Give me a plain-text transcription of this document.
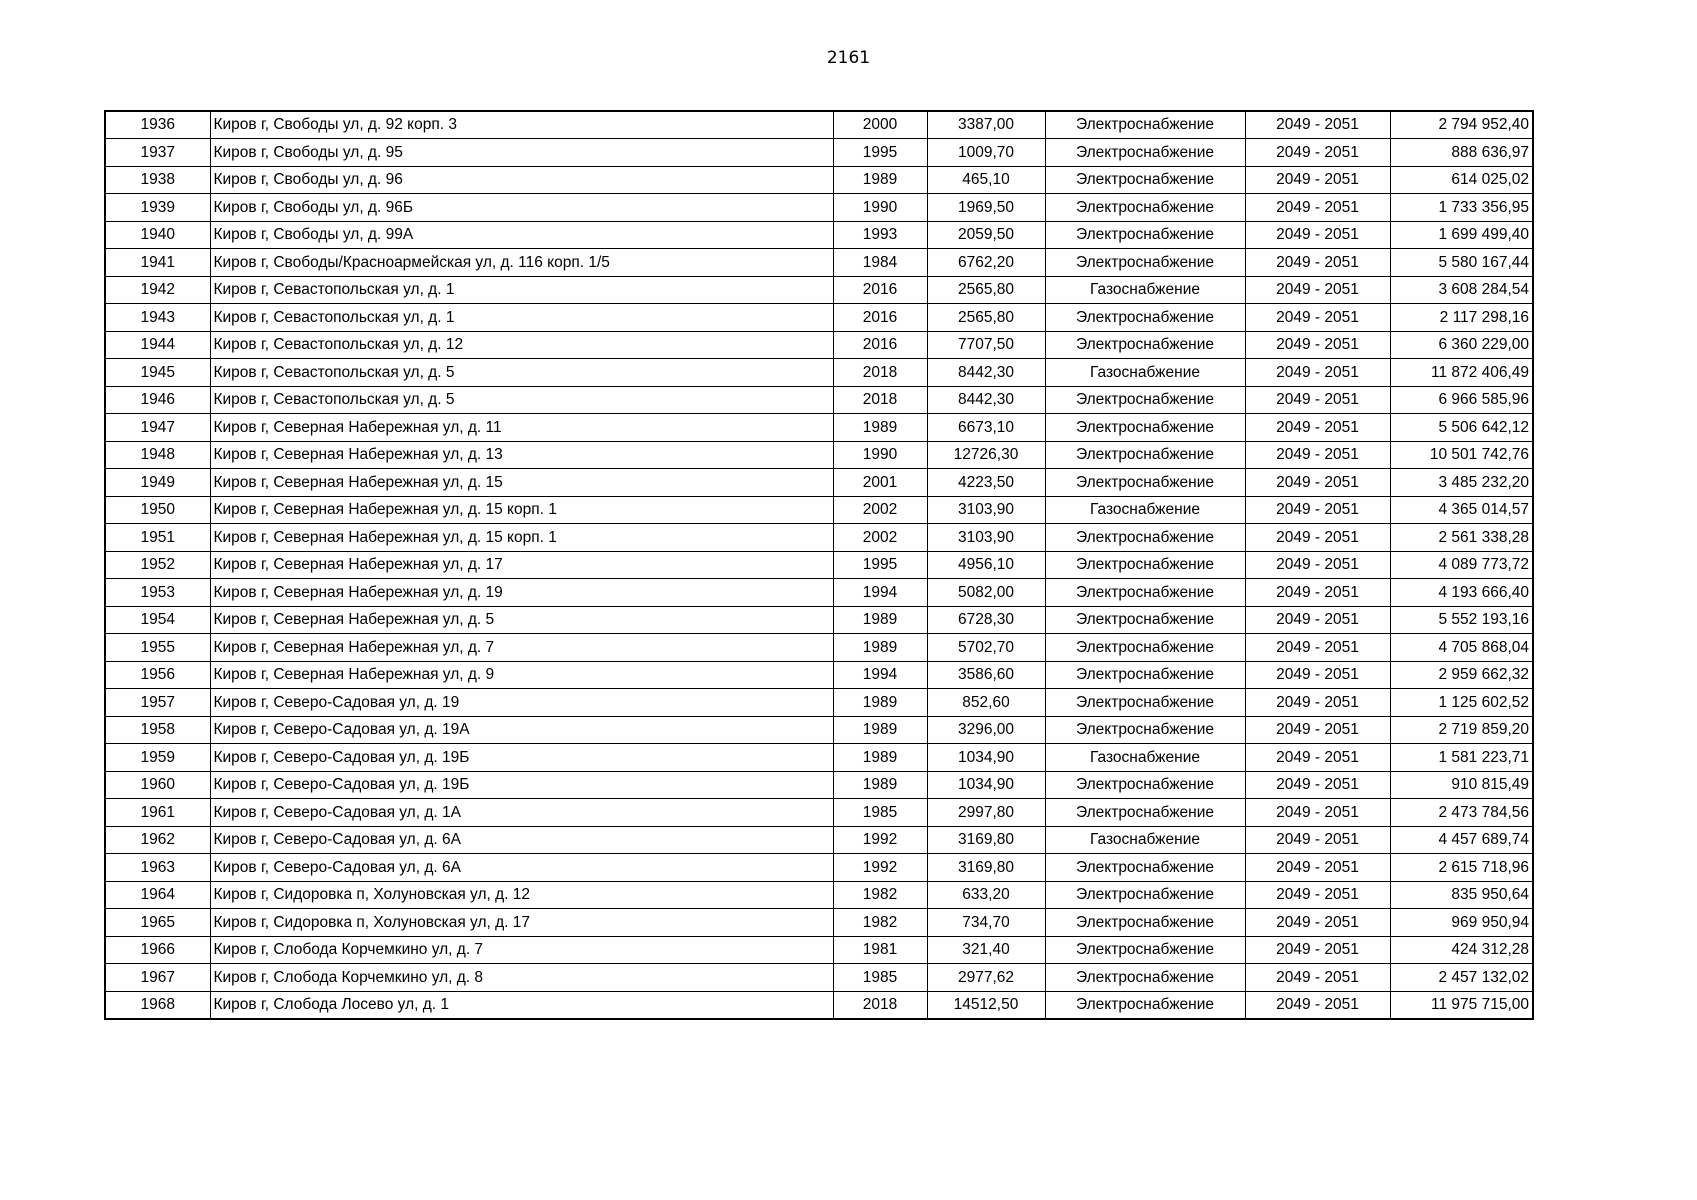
2161
1936	Киров г, Свободы ул, д. 92 корп. 3	2000	3387,00	Электроснабжение	2049 - 2051	2 794 952,40
1937	Киров г, Свободы ул, д. 95	1995	1009,70	Электроснабжение	2049 - 2051	888 636,97
1938	Киров г, Свободы ул, д. 96	1989	465,10	Электроснабжение	2049 - 2051	614 025,02
1939	Киров г, Свободы ул, д. 96Б	1990	1969,50	Электроснабжение	2049 - 2051	1 733 356,95
1940	Киров г, Свободы ул, д. 99А	1993	2059,50	Электроснабжение	2049 - 2051	1 699 499,40
1941	Киров г, Свободы/Красноармейская ул, д. 116 корп. 1/5	1984	6762,20	Электроснабжение	2049 - 2051	5 580 167,44
1942	Киров г, Севастопольская ул, д. 1	2016	2565,80	Газоснабжение	2049 - 2051	3 608 284,54
1943	Киров г, Севастопольская ул, д. 1	2016	2565,80	Электроснабжение	2049 - 2051	2 117 298,16
1944	Киров г, Севастопольская ул, д. 12	2016	7707,50	Электроснабжение	2049 - 2051	6 360 229,00
1945	Киров г, Севастопольская ул, д. 5	2018	8442,30	Газоснабжение	2049 - 2051	11 872 406,49
1946	Киров г, Севастопольская ул, д. 5	2018	8442,30	Электроснабжение	2049 - 2051	6 966 585,96
1947	Киров г, Северная Набережная ул, д. 11	1989	6673,10	Электроснабжение	2049 - 2051	5 506 642,12
1948	Киров г, Северная Набережная ул, д. 13	1990	12726,30	Электроснабжение	2049 - 2051	10 501 742,76
1949	Киров г, Северная Набережная ул, д. 15	2001	4223,50	Электроснабжение	2049 - 2051	3 485 232,20
1950	Киров г, Северная Набережная ул, д. 15 корп. 1	2002	3103,90	Газоснабжение	2049 - 2051	4 365 014,57
1951	Киров г, Северная Набережная ул, д. 15 корп. 1	2002	3103,90	Электроснабжение	2049 - 2051	2 561 338,28
1952	Киров г, Северная Набережная ул, д. 17	1995	4956,10	Электроснабжение	2049 - 2051	4 089 773,72
1953	Киров г, Северная Набережная ул, д. 19	1994	5082,00	Электроснабжение	2049 - 2051	4 193 666,40
1954	Киров г, Северная Набережная ул, д. 5	1989	6728,30	Электроснабжение	2049 - 2051	5 552 193,16
1955	Киров г, Северная Набережная ул, д. 7	1989	5702,70	Электроснабжение	2049 - 2051	4 705 868,04
1956	Киров г, Северная Набережная ул, д. 9	1994	3586,60	Электроснабжение	2049 - 2051	2 959 662,32
1957	Киров г, Северо-Садовая ул, д. 19	1989	852,60	Электроснабжение	2049 - 2051	1 125 602,52
1958	Киров г, Северо-Садовая ул, д. 19А	1989	3296,00	Электроснабжение	2049 - 2051	2 719 859,20
1959	Киров г, Северо-Садовая ул, д. 19Б	1989	1034,90	Газоснабжение	2049 - 2051	1 581 223,71
1960	Киров г, Северо-Садовая ул, д. 19Б	1989	1034,90	Электроснабжение	2049 - 2051	910 815,49
1961	Киров г, Северо-Садовая ул, д. 1А	1985	2997,80	Электроснабжение	2049 - 2051	2 473 784,56
1962	Киров г, Северо-Садовая ул, д. 6А	1992	3169,80	Газоснабжение	2049 - 2051	4 457 689,74
1963	Киров г, Северо-Садовая ул, д. 6А	1992	3169,80	Электроснабжение	2049 - 2051	2 615 718,96
1964	Киров г, Сидоровка п, Холуновская ул, д. 12	1982	633,20	Электроснабжение	2049 - 2051	835 950,64
1965	Киров г, Сидоровка п, Холуновская ул, д. 17	1982	734,70	Электроснабжение	2049 - 2051	969 950,94
1966	Киров г, Слобода Корчемкино ул, д. 7	1981	321,40	Электроснабжение	2049 - 2051	424 312,28
1967	Киров г, Слобода Корчемкино ул, д. 8	1985	2977,62	Электроснабжение	2049 - 2051	2 457 132,02
1968	Киров г, Слобода Лосево ул, д. 1	2018	14512,50	Электроснабжение	2049 - 2051	11 975 715,00
